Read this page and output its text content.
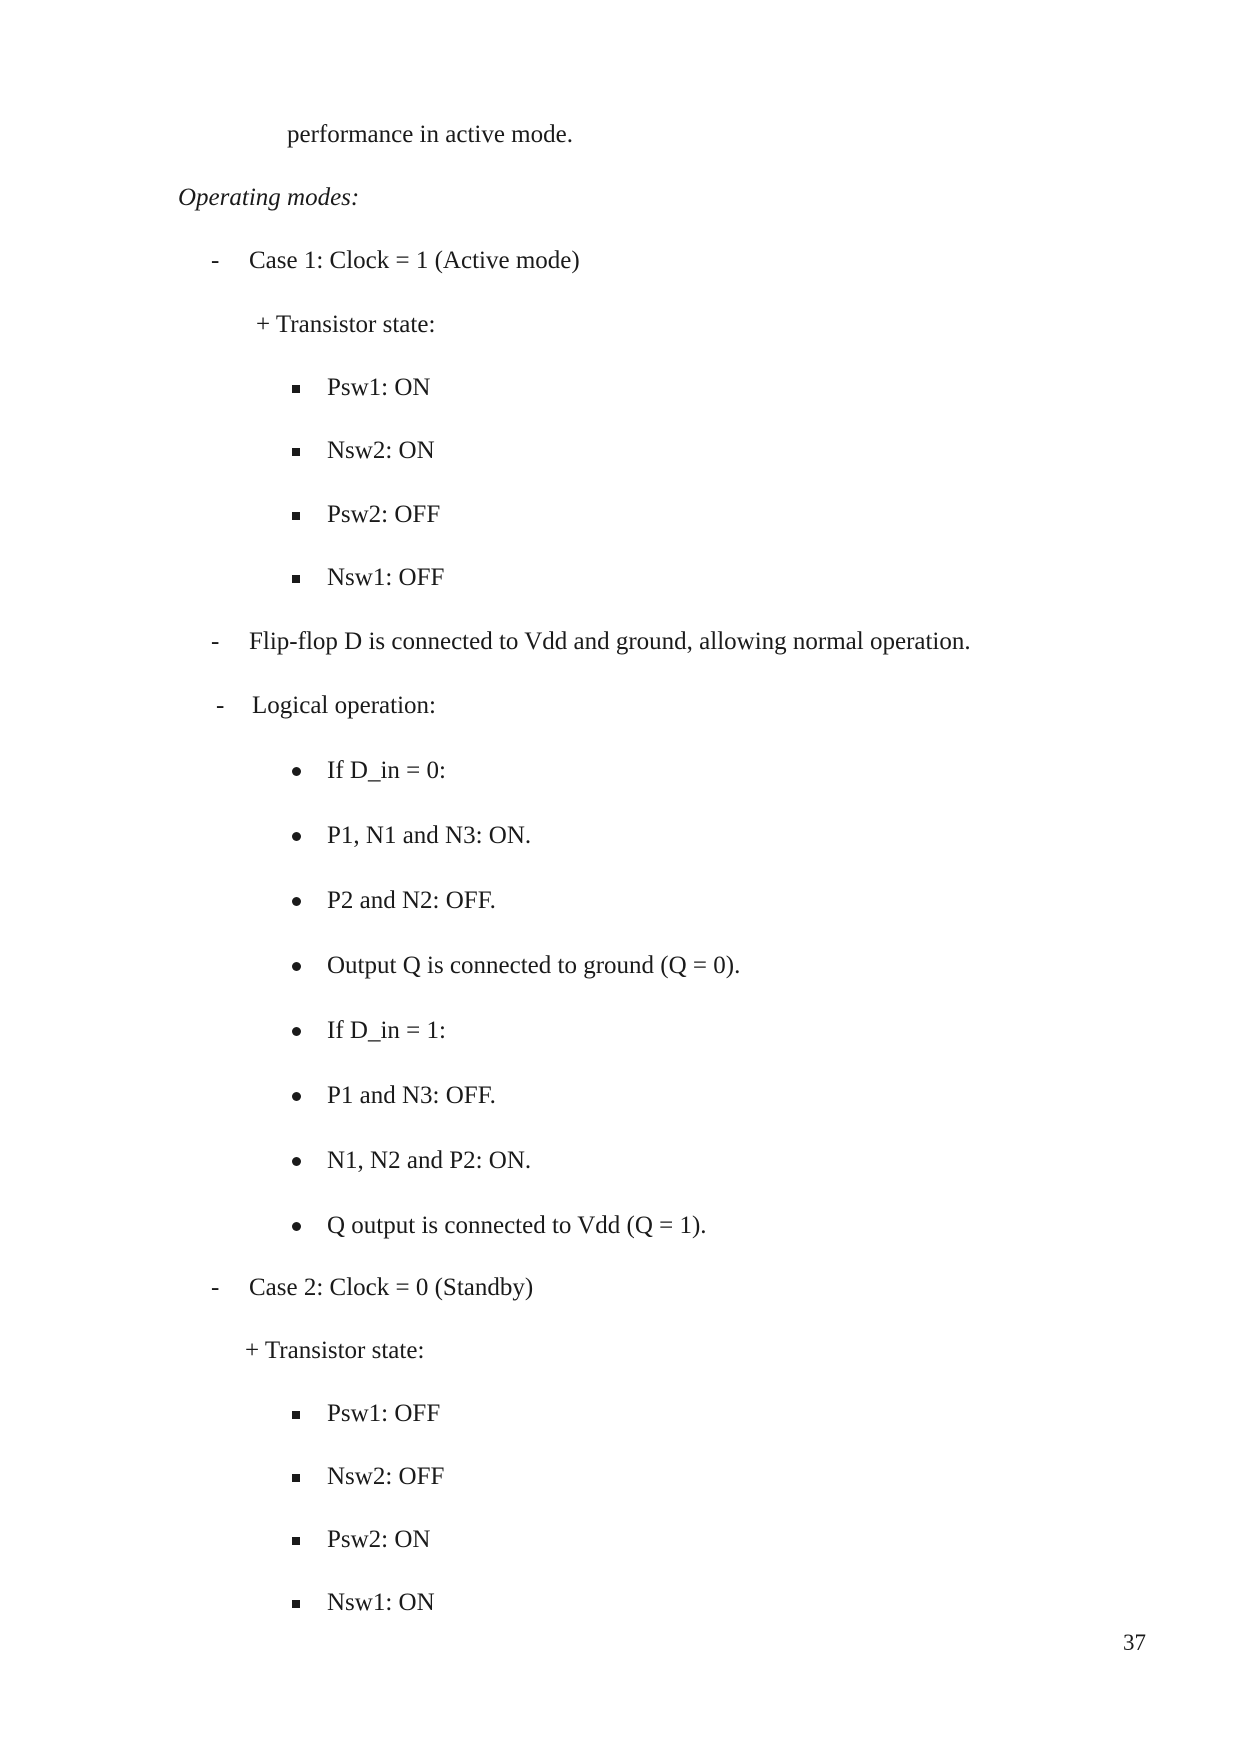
performance in active mode.
Operating modes:
- Case 1: Clock = 1 (Active mode)
+ Transistor state:
Psw1: ON
Nsw2: ON
Psw2: OFF
Nsw1: OFF
- Flip-flop D is connected to Vdd and ground, allowing normal operation.
- Logical operation:
If D_in = 0:
P1, N1 and N3: ON.
P2 and N2: OFF.
Output Q is connected to ground (Q = 0).
If D_in = 1:
P1 and N3: OFF.
N1, N2 and P2: ON.
Q output is connected to Vdd (Q = 1).
- Case 2: Clock = 0 (Standby)
+ Transistor state:
Psw1: OFF
Nsw2: OFF
Psw2: ON
Nsw1: ON
37
